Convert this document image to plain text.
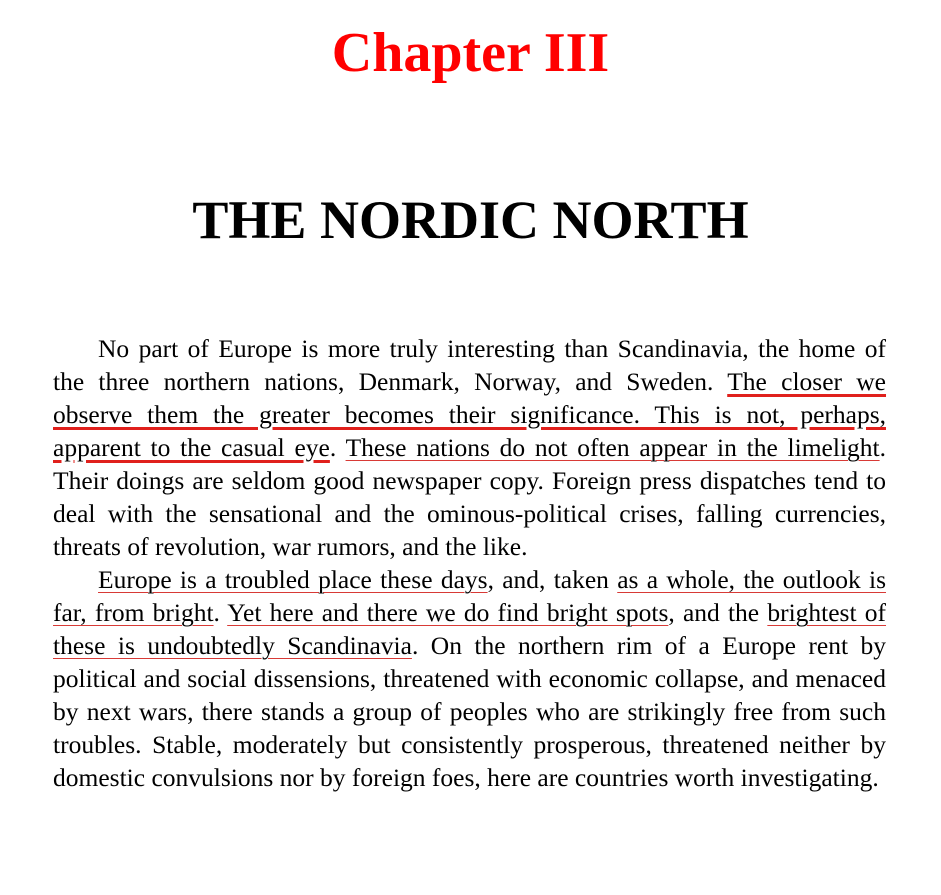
Chapter III
THE NORDIC NORTH

No part of Europe is more truly interesting than Scandinavia, the home of the three northern nations, Denmark, Norway, and Sweden. The closer we observe them the greater becomes their significance. This is not, perhaps, apparent to the casual eye. These nations do not often appear in the limelight. Their doings are seldom good newspaper copy. Foreign press dispatches tend to deal with the sensational and the ominous-political crises, falling currencies, threats of revolution, war rumors, and the like.

Europe is a troubled place these days, and, taken as a whole, the outlook is far, from bright. Yet here and there we do find bright spots, and the brightest of these is undoubtedly Scandinavia. On the northern rim of a Europe rent by political and social dissensions, threatened with economic collapse, and menaced by next wars, there stands a group of peoples who are strikingly free from such troubles. Stable, moderately but consistently prosperous, threatened neither by domestic convulsions nor by foreign foes, here are countries worth investigating.
